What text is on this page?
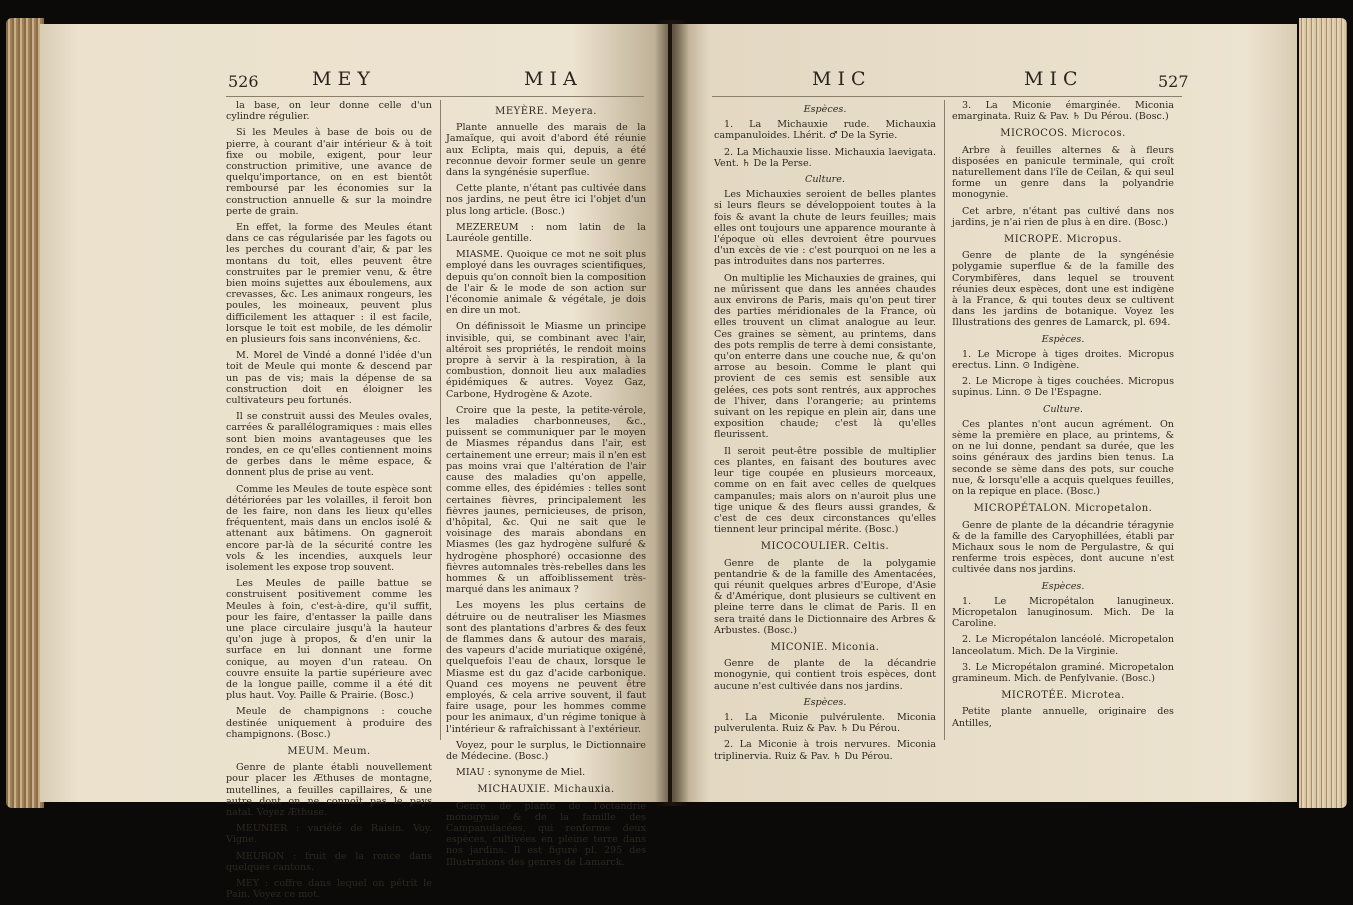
526	MEY	MIA

la base, on leur donne celle d'un cylindre régulier.

Si les Meules à base de bois ou de pierre, à courant d'air intérieur & à toit fixe ou mobile, exigent, pour leur construction primitive, une avance de quelqu'importance, on en est bientôt remboursé par les économies sur la construction annuelle & sur la moindre perte de grain.

En effet, la forme des Meules étant dans ce cas régularisée par les fagots ou les perches du courant d'air, & par les montans du toit, elles peuvent être construites par le premier venu, & être bien moins sujettes aux éboulemens, aux crevasses, &c. Les animaux rongeurs, les poules, les moineaux, peuvent plus difficilement les attaquer : il est facile, lorsque le toit est mobile, de les démolir en plusieurs fois sans inconvéniens, &c.

M. Morel de Vindé a donné l'idée d'un toit de Meule qui monte & descend par un pas de vis; mais la dépense de sa construction doit en éloigner les cultivateurs peu fortunés.

Il se construit aussi des Meules ovales, carrées & parallélogramiques : mais elles sont bien moins avantageuses que les rondes, en ce qu'elles contiennent moins de gerbes dans le même espace, & donnent plus de prise au vent.

Comme les Meules de toute espèce sont détériorées par les volailles, il feroit bon de les faire, non dans les lieux qu'elles fréquentent, mais dans un enclos isolé & attenant aux bâtimens. On gagneroit encore par-là de la sécurité contre les vols & les incendies, auxquels leur isolement les expose trop souvent.

Les Meules de paille battue se construisent positivement comme les Meules à foin, c'est-à-dire, qu'il suffit, pour les faire, d'entasser la paille dans une place circulaire jusqu'à la hauteur qu'on juge à propos, & d'en unir la surface en lui donnant une forme conique, au moyen d'un rateau. On couvre ensuite la partie supérieure avec de la longue paille, comme il a été dit plus haut. Voy. Paille & Prairie. (Bosc.)

Meule de champignons : couche destinée uniquement à produire des champignons. (Bosc.)

MEUM. Meum.

Genre de plante établi nouvellement pour placer les Æthuses de montagne, mutellines, a feuilles capillaires, & une autre dont on ne connoît pas le pays natal. Voyez Æthuse.

MEUNIER : variété de Raisin. Voy. Vigne.

MEURON : fruit de la ronce dans quelques cantons.

MEY : coffre dans lequel on pétrit le Pain. Voyez ce mot.

MEYÈRE. Meyera.

Plante annuelle des marais de la Jamaïque, qui avoit d'abord été réunie aux Eclipta, mais qui, depuis, a été reconnue devoir former seule un genre dans la syngénésie superflue.

Cette plante, n'étant pas cultivée dans nos jardins, ne peut être ici l'objet d'un plus long article. (Bosc.)

MEZEREUM : nom latin de la Lauréole gentille.

MIASME. Quoique ce mot ne soit plus employé dans les ouvrages scientifiques, depuis qu'on connoît bien la composition de l'air & le mode de son action sur l'économie animale & végétale, je dois en dire un mot.

On définissoit le Miasme un principe invisible, qui, se combinant avec l'air, altéroit ses propriétés, le rendoit moins propre à servir à la respiration, à la combustion, donnoit lieu aux maladies épidémiques & autres. Voyez Gaz, Carbone, Hydrogène & Azote.

Croire que la peste, la petite-vérole, les maladies charbonneuses, &c., puissent se communiquer par le moyen de Miasmes répandus dans l'air, est certainement une erreur; mais il n'en est pas moins vrai que l'altération de l'air cause des maladies qu'on appelle, comme elles, des épidémies : telles sont certaines fièvres, principalement les fièvres jaunes, pernicieuses, de prison, d'hôpital, &c. Qui ne sait que le voisinage des marais abondans en Miasmes (les gaz hydrogène sulfuré & hydrogène phosphoré) occasionne des fièvres automnales très-rebelles dans les hommes & un affoiblissement très-marqué dans les animaux ?

Les moyens les plus certains de détruire ou de neutraliser les Miasmes sont des plantations d'arbres & des feux de flammes dans & autour des marais, des vapeurs d'acide muriatique oxigéné, quelquefois l'eau de chaux, lorsque le Miasme est du gaz d'acide carbonique. Quand ces moyens ne peuvent être employés, & cela arrive souvent, il faut faire usage, pour les hommes comme pour les animaux, d'un régime tonique à l'intérieur & rafraîchissant à l'extérieur.

Voyez, pour le surplus, le Dictionnaire de Médecine. (Bosc.)

MIAU : synonyme de Miel.

MICHAUXIE. Michauxia.

Genre de plante de l'octandrie monogynie & de la famille des Campanulacées, qui renferme deux espèces, cultivées en pleine terre dans nos jardins. Il est figuré pl. 295 des Illustrations des genres de Lamarck.

MIC	MIC	527

Espèces.

1. La Michauxie rude. Michauxia campanuloides. Lhérit. ♂ De la Syrie.

2. La Michauxie lisse. Michauxia laevigata. Vent. ♄ De la Perse.

Culture.

Les Michauxies seroient de belles plantes si leurs fleurs se développoient toutes à la fois & avant la chute de leurs feuilles; mais elles ont toujours une apparence mourante à l'époque où elles devroient être pourvues d'un excès de vie : c'est pourquoi on ne les a pas introduites dans nos parterres.

On multiplie les Michauxies de graines, qui ne mûrissent que dans les années chaudes aux environs de Paris, mais qu'on peut tirer des parties méridionales de la France, où elles trouvent un climat analogue au leur. Ces graines se sèment, au printems, dans des pots remplis de terre à demi consistante, qu'on enterre dans une couche nue, & qu'on arrose au besoin. Comme le plant qui provient de ces semis est sensible aux gelées, ces pots sont rentrés, aux approches de l'hiver, dans l'orangerie; au printems suivant on les repique en plein air, dans une exposition chaude; c'est là qu'elles fleurissent.

Il seroit peut-être possible de multiplier ces plantes, en faisant des boutures avec leur tige coupée en plusieurs morceaux, comme on en fait avec celles de quelques campanules; mais alors on n'auroit plus une tige unique & des fleurs aussi grandes, & c'est de ces deux circonstances qu'elles tiennent leur principal mérite. (Bosc.)

MICOCOULIER. Celtis.

Genre de plante de la polygamie pentandrie & de la famille des Amentacées, qui réunit quelques arbres d'Europe, d'Asie & d'Amérique, dont plusieurs se cultivent en pleine terre dans le climat de Paris. Il en sera traité dans le Dictionnaire des Arbres & Arbustes. (Bosc.)

MICONIE. Miconia.

Genre de plante de la décandrie monogynie, qui contient trois espèces, dont aucune n'est cultivée dans nos jardins.

Espèces.

1. La Miconie pulvérulente. Miconia pulverulenta. Ruiz & Pav. ♄ Du Pérou.

2. La Miconie à trois nervures. Miconia triplinervia. Ruiz & Pav. ♄ Du Pérou.

3. La Miconie émarginée. Miconia emarginata. Ruiz & Pav. ♄ Du Pérou. (Bosc.)

MICROCOS. Microcos.

Arbre à feuilles alternes & à fleurs disposées en panicule terminale, qui croît naturellement dans l'île de Ceilan, & qui seul forme un genre dans la polyandrie monogynie.

Cet arbre, n'étant pas cultivé dans nos jardins, je n'ai rien de plus à en dire. (Bosc.)

MICROPE. Micropus.

Genre de plante de la syngénésie polygamie superflue & de la famille des Corymbifères, dans lequel se trouvent réunies deux espèces, dont une est indigène à la France, & qui toutes deux se cultivent dans les jardins de botanique. Voyez les Illustrations des genres de Lamarck, pl. 694.

Espèces.

1. Le Micrope à tiges droites. Micropus erectus. Linn. ⊙ Indigène.

2. Le Micrope à tiges couchées. Micropus supinus. Linn. ⊙ De l'Espagne.

Culture.

Ces plantes n'ont aucun agrément. On sème la première en place, au printems, & on ne lui donne, pendant sa durée, que les soins généraux des jardins bien tenus. La seconde se sème dans des pots, sur couche nue, & lorsqu'elle a acquis quelques feuilles, on la repique en place. (Bosc.)

MICROPÉTALON. Micropetalon.

Genre de plante de la décandrie téragynie & de la famille des Caryophillées, établi par Michaux sous le nom de Pergulastre, & qui renferme trois espèces, dont aucune n'est cultivée dans nos jardins.

Espèces.

1. Le Micropétalon lanugineux. Micropetalon lanuginosum. Mich. De la Caroline.

2. Le Micropétalon lancéolé. Micropetalon lanceolatum. Mich. De la Virginie.

3. Le Micropétalon graminé. Micropetalon gramineum. Mich. de Penfylvanie. (Bosc.)

MICROTÉE. Microtea.

Petite plante annuelle, originaire des Antilles,
